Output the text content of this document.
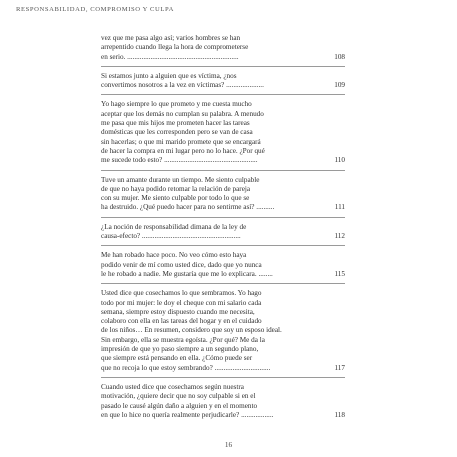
RESPONSABILIDAD, COMPROMISO Y CULPA
vez que me pasa algo así; varios hombres se han
arrepentido cuando llega la hora de comprometerse
en serio. ..............................................................	108
Si estamos junto a alguien que es víctima, ¿nos
convertimos nosotros a la vez en víctimas? .....................	109
Yo hago siempre lo que prometo y me cuesta mucho
aceptar que los demás no cumplan su palabra. A menudo
me pasa que mis hijos me prometen hacer las tareas
domésticas que les corresponden pero se van de casa
sin hacerlas; o que mi marido promete que se encargará
de hacer la compra en mi lugar pero no lo hace. ¿Por qué
me sucede todo esto? ....................................................	110
Tuve un amante durante un tiempo. Me siento culpable
de que no haya podido retomar la relación de pareja
con su mujer. Me siento culpable por todo lo que se
ha destruido. ¿Qué puedo hacer para no sentirme así? ..........	111
¿La noción de responsabilidad dimana de la ley de
causa-efecto? .......................................................	112
Me han robado hace poco. No veo cómo esto haya
podido venir de mí como usted dice, dado que yo nunca
le he robado a nadie. Me gustaría que me lo explicara. ........	115
Usted dice que cosechamos lo que sembramos. Yo hago
todo por mi mujer: le doy el cheque con mi salario cada
semana, siempre estoy dispuesto cuando me necesita,
colaboro con ella en las tareas del hogar y en el cuidado
de los niños… En resumen, considero que soy un esposo ideal.
Sin embargo, ella se muestra egoísta. ¿Por qué? Me da la
impresión de que yo paso siempre a un segundo plano,
que siempre está pensando en ella. ¿Cómo puede ser
que no recoja lo que estoy sembrando? ...............................	117
Cuando usted dice que cosechamos según nuestra
motivación, ¿quiere decir que no soy culpable si en el
pasado le causé algún daño a alguien y en el momento
en que lo hice no quería realmente perjudicarle? ..................	118
16
